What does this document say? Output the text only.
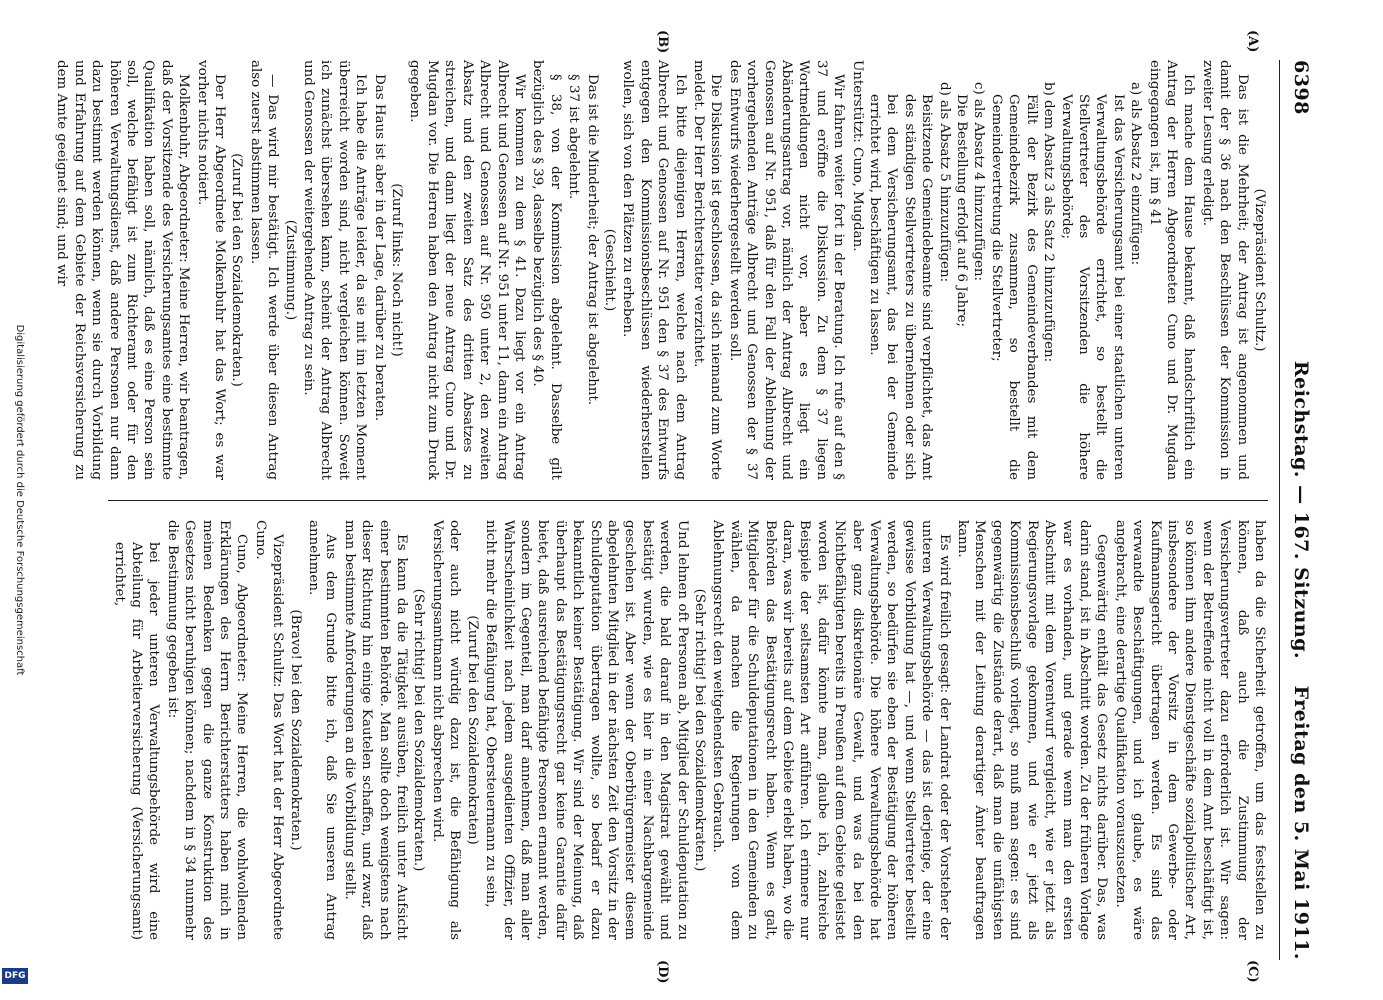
6398
Reichstag. — 167. Sitzung.
Freitag den 5. Mai 1911.
(A)
(B)
(C)
(D)
(Vizepräsident Schultz.)
Das ist die Mehrheit; der Antrag ist angenommen und damit der § 36 nach den Beschlüssen der Kommission in zweiter Lesung erledigt.
Ich mache dem Hause bekannt, daß handschriftlich ein Antrag der Herren Abgeordneten Cuno und Dr. Mugdan eingegangen ist, im § 41
a) als Absatz 2 einzufügen:
Ist das Versicherungsamt bei einer staatlichen unteren Verwaltungsbehörde errichtet, so bestellt die Stellvertreter des Vorsitzenden die höhere Verwaltungsbehörde;
b) dem Absatz 3 als Satz 2 hinzuzufügen:
Fällt der Bezirk des Gemeindeverbandes mit dem Gemeindebezirk zusammen, so bestellt die Gemeindevertretung die Stellvertreter;
c) als Absatz 4 hinzuzufügen:
Die Bestellung erfolgt auf 6 Jahre;
d) als Absatz 5 hinzuzufügen:
Beisitzende Gemeindebeamte sind verpflichtet, das Amt des ständigen Stellvertreters zu übernehmen oder sich bei dem Versicherungsamt, das bei der Gemeinde errichtet wird, beschäftigen zu lassen.
Unterstützt: Cuno, Mugdan.
Wir fahren weiter fort in der Beratung. Ich rufe auf den § 37 und eröffne die Diskussion. Zu dem § 37 liegen Wortmeldungen nicht vor, aber es liegt ein Abänderungsantrag vor, nämlich der Antrag Albrecht und Genossen auf Nr. 951, daß für den Fall der Ablehnung der vorhergehenden Anträge Albrecht und Genossen der § 37 des Entwurfs wiederhergestellt werden soll.
Die Diskussion ist geschlossen, da sich niemand zum Worte meldet. Der Herr Berichterstatter verzichtet.
Ich bitte diejenigen Herren, welche nach dem Antrag Albrecht und Genossen auf Nr. 951 den § 37 des Entwurfs entgegen den Kommissionsbeschlüssen wiederherstellen wollen, sich von den Plätzen zu erheben.
(Geschieht.)
Das ist die Minderheit; der Antrag ist abgelehnt.
§ 37 ist abgelehnt.
§ 38, von der Kommission abgelehnt. Dasselbe gilt bezüglich des § 39, dasselbe bezüglich des § 40.
Wir kommen zu dem § 41. Dazu liegt vor ein Antrag Albrecht und Genossen auf Nr. 951 unter 11, dann ein Antrag Albrecht und Genossen auf Nr. 950 unter 2, den zweiten Absatz und den zweiten Satz des dritten Absatzes zu streichen, und dann liegt der neue Antrag Cuno und Dr. Mugdan vor. Die Herren haben den Antrag nicht zum Druck gegeben.
(Zuruf links: Noch nicht!)
Das Haus ist aber in der Lage, darüber zu beraten.
Ich habe die Anträge leider, da sie mit im letzten Moment überreicht worden sind, nicht vergleichen können. Soweit ich zunächst übersehen kann, scheint der Antrag Albrecht und Genossen der weitergehende Antrag zu sein.
(Zustimmung.)
— Das wird mir bestätigt. Ich werde über diesen Antrag also zuerst abstimmen lassen.
(Zuruf bei den Sozialdemokraten.)
Der Herr Abgeordnete Molkenbuhr hat das Wort; es war vorher nichts notiert.
Molkenbuhr, Abgeordneter: Meine Herren, wir beantragen, daß der Vorsitzende des Versicherungsamtes eine bestimmte Qualifikation haben soll, nämlich, daß es eine Person sein soll, welche befähigt ist zum Richteramt oder für den höheren Verwaltungsdienst, daß andere Personen nur dann dazu bestimmt werden können, wenn sie durch Vorbildung und Erfahrung auf dem Gebiete der Reichsversicherung zu dem Amte geeignet sind; und wir
haben da die Sicherheit getroffen, um das feststellen zu können, daß auch die Zustimmung der Versicherungsvertreter dazu erforderlich ist. Wir sagen: wenn der Betreffende nicht voll in dem Amt beschäftigt ist, so können ihm andere Dienstgeschäfte sozialpolitischer Art, insbesondere der Vorsitz in dem Gewerbe- oder Kaufmannsgericht übertragen werden. Es sind das verwandte Beschäftigungen, und ich glaube, es wäre angebracht, eine derartige Qualifikation vorauszusetzen.
Gegenwärtig enthält das Gesetz nichts darüber. Das, was darin stand, ist in Abschnitt worden. Zu der früheren Vorlage war es vorhanden, und gerade wenn man den ersten Abschnitt mit dem Vorentwurf vergleicht, wie er jetzt als Regierungsvorlage gekommen, und wie er jetzt als Kommissionsbeschluß vorliegt, so muß man sagen: es sind gegenwärtig die Zustände derart, daß man die unfähigsten Menschen mit der Leitung derartiger Ämter beauftragen kann.
Es wird freilich gesagt: der Landrat oder der Vorsteher der unteren Verwaltungsbehörde — das ist derjenige, der eine gewisse Vorbildung hat —, und wenn Stellvertreter bestellt werden, so bedürfen sie eben der Bestätigung der höheren Verwaltungsbehörde. Die höhere Verwaltungsbehörde hat aber ganz diskretionäre Gewalt, und was da bei den Nichtbefähigten bereits in Preußen auf dem Gebiete geleistet worden ist, dafür könnte man, glaube ich, zahlreiche Beispiele der seltsamsten Art anführen. Ich erinnere nur daran, was wir bereits auf dem Gebiete erlebt haben, wo die Behörden das Bestätigungsrecht haben. Wenn es galt, Mitglieder für die Schuldeputationen in den Gemeinden zu wählen, da machen die Regierungen von dem Ablehnungsrecht den weitgehendsten Gebrauch.
(Sehr richtig! bei den Sozialdemokraten.)
Und lehnen oft Personen ab, Mitglied der Schuldeputation zu werden, die bald darauf in den Magistrat gewählt und bestätigt wurden, wie es hier in einer Nachbargemeinde geschehen ist. Aber wenn der Oberbürgermeister diesem abgelehnten Mitglied in der nächsten Zeit den Vorsitz in der Schuldeputation übertragen wollte, so bedarf er dazu bekanntlich keiner Bestätigung. Wir sind der Meinung, daß überhaupt das Bestätigungsrecht gar keine Garantie dafür bietet, daß ausreichend befähigte Personen ernannt werden, sondern im Gegenteil, man darf annehmen, daß man aller Wahrscheinlichkeit nach jedem ausgedienten Offizier, der nicht mehr die Befähigung hat, Obersteuermann zu sein,
(Zuruf bei den Sozialdemokraten)
oder auch nicht würdig dazu ist, die Befähigung als Versicherungsamtmann nicht absprechen wird.
(Sehr richtig! bei den Sozialdemokraten.)
Es kann da die Tätigkeit ausüben, freilich unter Aufsicht einer bestimmten Behörde. Man sollte doch wenigstens nach dieser Richtung hin einige Kautelen schaffen, und zwar, daß man bestimmte Anforderungen an die Vorbildung stellt.
Aus dem Grunde bitte ich, daß Sie unseren Antrag annehmen.
(Bravo! bei den Sozialdemokraten.)
Vizepräsident Schultz: Das Wort hat der Herr Abgeordnete Cuno.
Cuno, Abgeordneter: Meine Herren, die wohlwollenden Erklärungen des Herrn Berichterstatters haben mich in meinen Bedenken gegen die ganze Konstruktion des Gesetzes nicht beruhigen können; nachdem in § 34 nunmehr die Bestimmung gegeben ist:
bei jeder unteren Verwaltungsbehörde wird eine Abteilung für Arbeiterversicherung (Versicherungsamt) errichtet,
Digitalisierung gefördert durch die Deutsche Forschungsgemeinschaft
DFG
